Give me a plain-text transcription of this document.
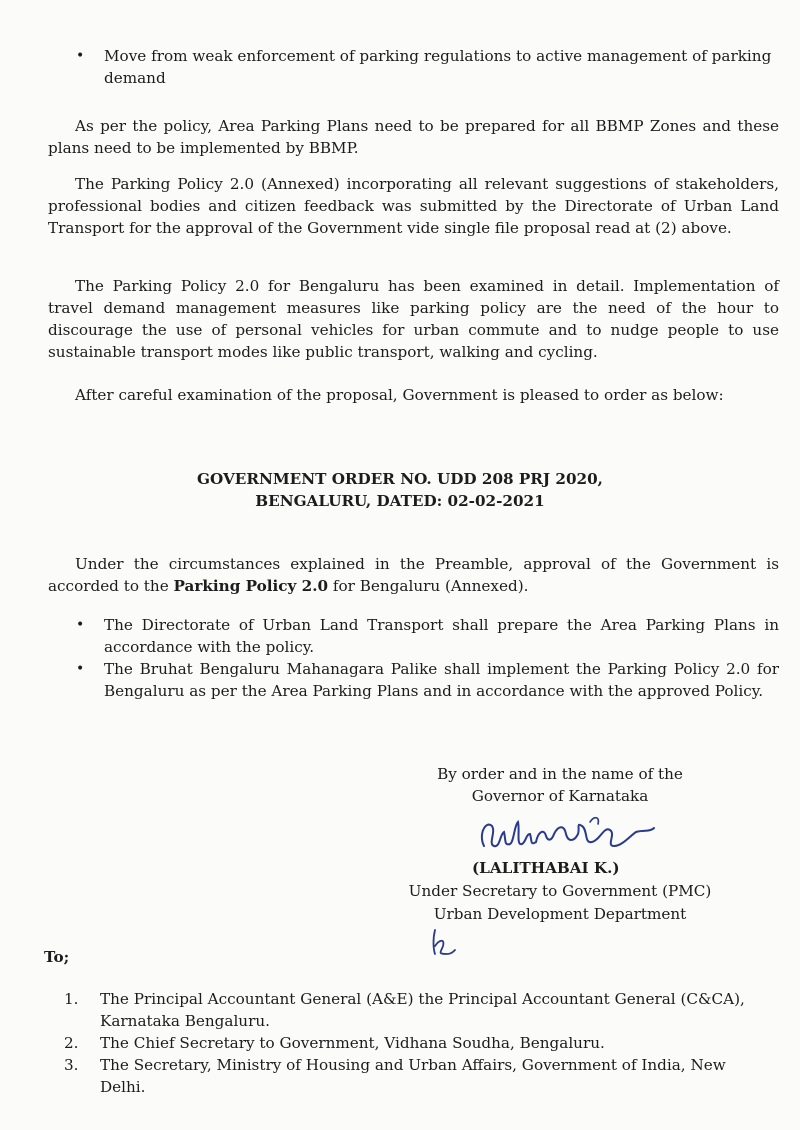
• Move from weak enforcement of parking regulations to active management of parking demand

As per the policy, Area Parking Plans need to be prepared for all BBMP Zones and these plans need to be implemented by BBMP.

The Parking Policy 2.0 (Annexed) incorporating all relevant suggestions of stakeholders, professional bodies and citizen feedback was submitted by the Directorate of Urban Land Transport for the approval of the Government vide single file proposal read at (2) above.

The Parking Policy 2.0 for Bengaluru has been examined in detail. Implementation of travel demand management measures like parking policy are the need of the hour to discourage the use of personal vehicles for urban commute and to nudge people to use sustainable transport modes like public transport, walking and cycling.

After careful examination of the proposal, Government is pleased to order as below:

GOVERNMENT ORDER NO. UDD 208 PRJ 2020,

BENGALURU, DATED: 02-02-2021

Under the circumstances explained in the Preamble, approval of the Government is accorded to the Parking Policy 2.0 for Bengaluru (Annexed).

• The Directorate of Urban Land Transport shall prepare the Area Parking Plans in accordance with the policy.
• The Bruhat Bengaluru Mahanagara Palike shall implement the Parking Policy 2.0 for Bengaluru as per the Area Parking Plans and in accordance with the approved Policy.

By order and in the name of the

Governor of Karnataka

(LALITHABAI K.)

Under Secretary to Government (PMC)

Urban Development Department

To;

1. The Principal Accountant General (A&E) the Principal Accountant General (C&CA), Karnataka Bengaluru.
2. The Chief Secretary to Government, Vidhana Soudha, Bengaluru.
3. The Secretary, Ministry of Housing and Urban Affairs, Government of India, New Delhi.
